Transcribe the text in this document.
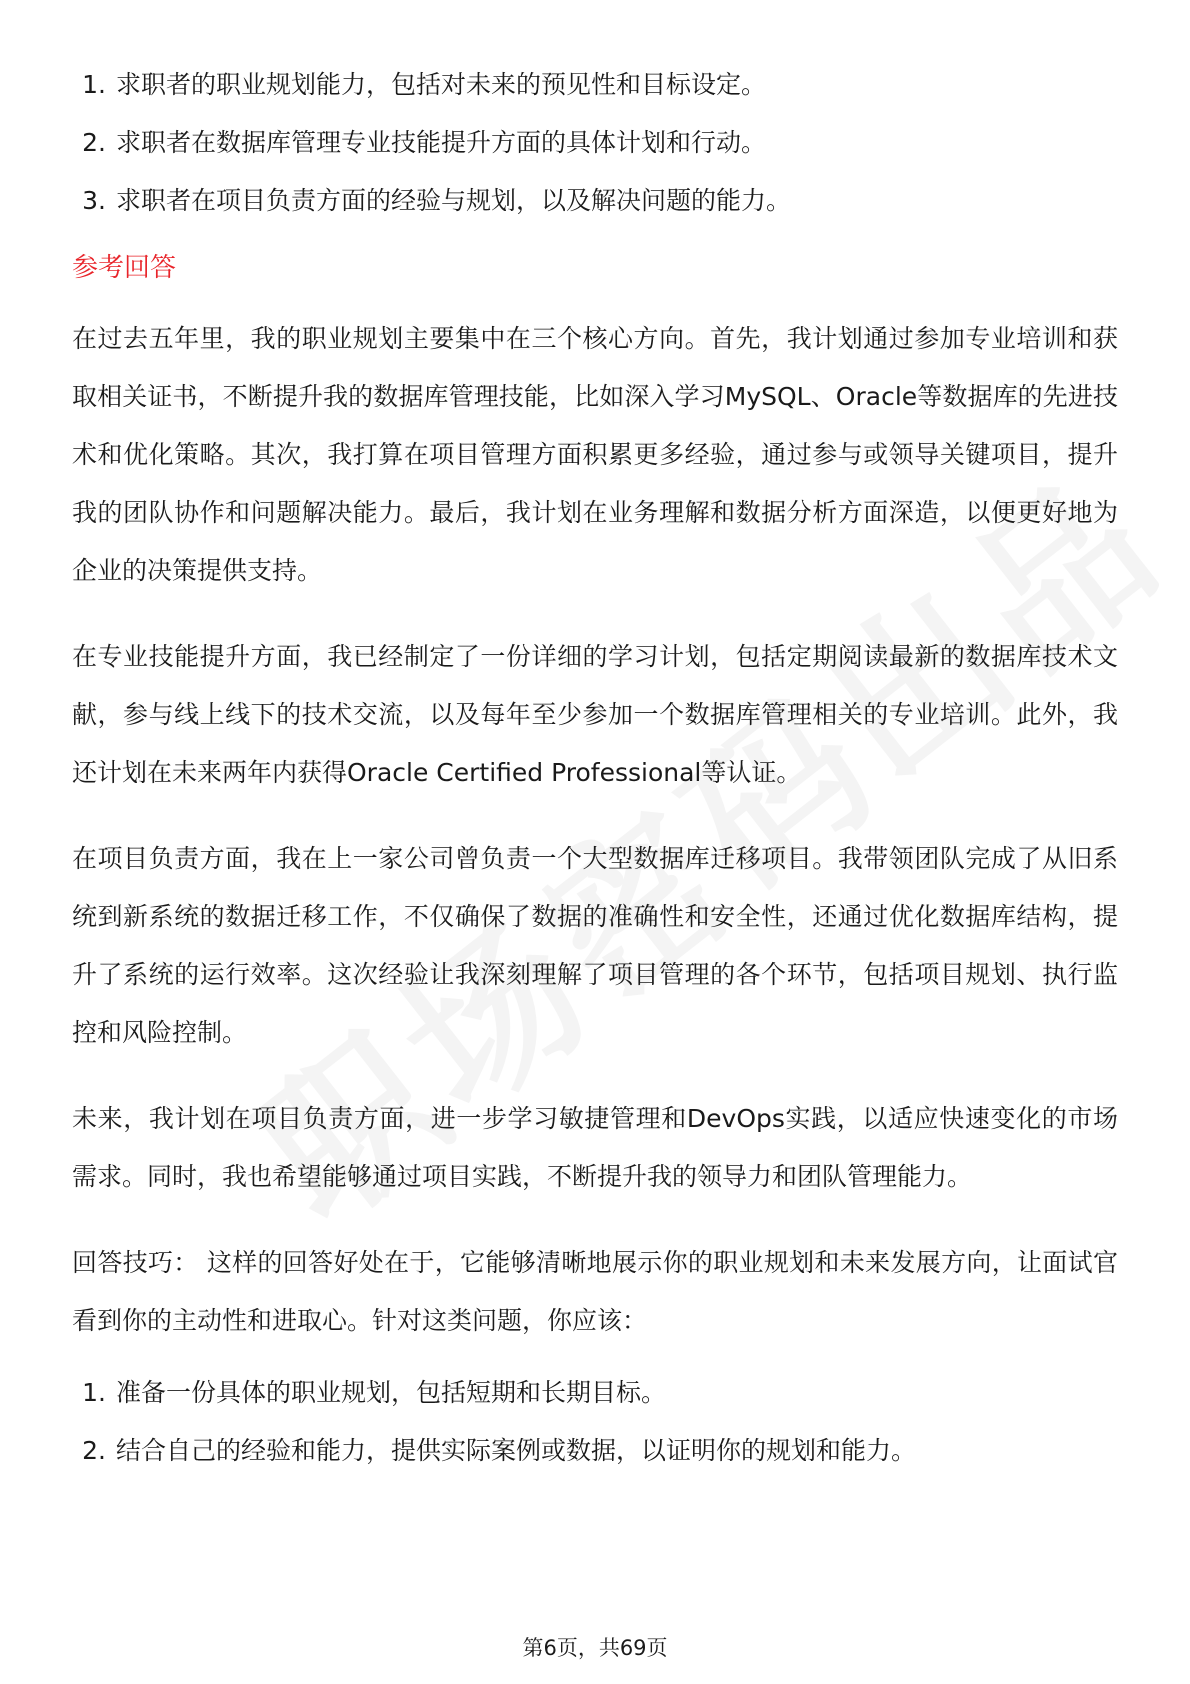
1. 求职者的职业规划能力，包括对未来的预见性和目标设定。
2. 求职者在数据库管理专业技能提升方面的具体计划和行动。
3. 求职者在项目负责方面的经验与规划，以及解决问题的能力。
参考回答

在过去五年里，我的职业规划主要集中在三个核心方向。首先，我计划通过参加专业培训和获取相关证书，不断提升我的数据库管理技能，比如深入学习MySQL、Oracle等数据库的先进技术和优化策略。其次，我打算在项目管理方面积累更多经验，通过参与或领导关键项目，提升我的团队协作和问题解决能力。最后，我计划在业务理解和数据分析方面深造，以便更好地为企业的决策提供支持。

在专业技能提升方面，我已经制定了一份详细的学习计划，包括定期阅读最新的数据库技术文献，参与线上线下的技术交流，以及每年至少参加一个数据库管理相关的专业培训。此外，我还计划在未来两年内获得Oracle Certified Professional等认证。

在项目负责方面，我在上一家公司曾负责一个大型数据库迁移项目。我带领团队完成了从旧系统到新系统的数据迁移工作，不仅确保了数据的准确性和安全性，还通过优化数据库结构，提升了系统的运行效率。这次经验让我深刻理解了项目管理的各个环节，包括项目规划、执行监控和风险控制。

未来，我计划在项目负责方面，进一步学习敏捷管理和DevOps实践，以适应快速变化的市场需求。同时，我也希望能够通过项目实践，不断提升我的领导力和团队管理能力。

回答技巧： 这样的回答好处在于，它能够清晰地展示你的职业规划和未来发展方向，让面试官看到你的主动性和进取心。针对这类问题，你应该：

1. 准备一份具体的职业规划，包括短期和长期目标。
2. 结合自己的经验和能力，提供实际案例或数据，以证明你的规划和能力。
第6页，共69页
